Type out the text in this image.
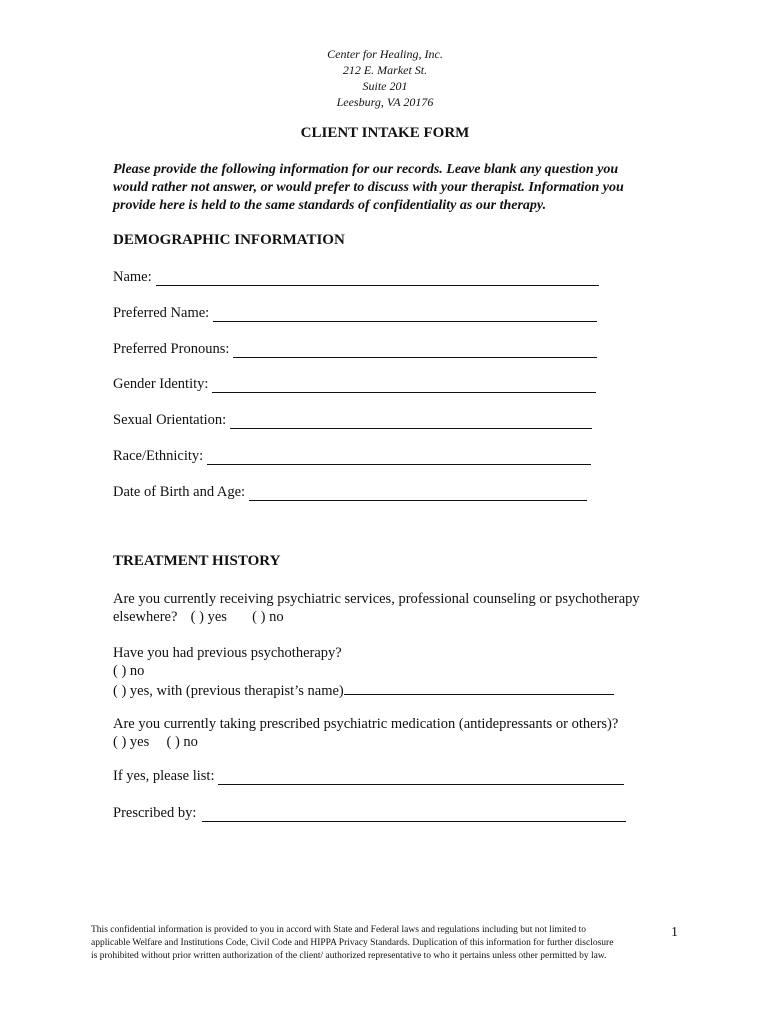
Center for Healing, Inc.
212 E. Market St.
Suite 201
Leesburg, VA 20176
CLIENT INTAKE FORM
Please provide the following information for our records. Leave blank any question you
would rather not answer, or would prefer to discuss with your therapist. Information you
provide here is held to the same standards of confidentiality as our therapy.
DEMOGRAPHIC INFORMATION
Name:
Preferred Name:
Preferred Pronouns:
Gender Identity:
Sexual Orientation:
Race/Ethnicity:
Date of Birth and Age:
TREATMENT HISTORY
Are you currently receiving psychiatric services, professional counseling or psychotherapy
elsewhere? ( ) yes ( ) no
Have you had previous psychotherapy?
( ) no
( ) yes, with (previous therapist’s name)
Are you currently taking prescribed psychiatric medication (antidepressants or others)?
( ) yes ( ) no
If yes, please list:
Prescribed by:
This confidential information is provided to you in accord with State and Federal laws and regulations including but not limited to
applicable Welfare and Institutions Code, Civil Code and HIPPA Privacy Standards. Duplication of this information for further disclosure
is prohibited without prior written authorization of the client/ authorized representative to who it pertains unless other permitted by law.
1
